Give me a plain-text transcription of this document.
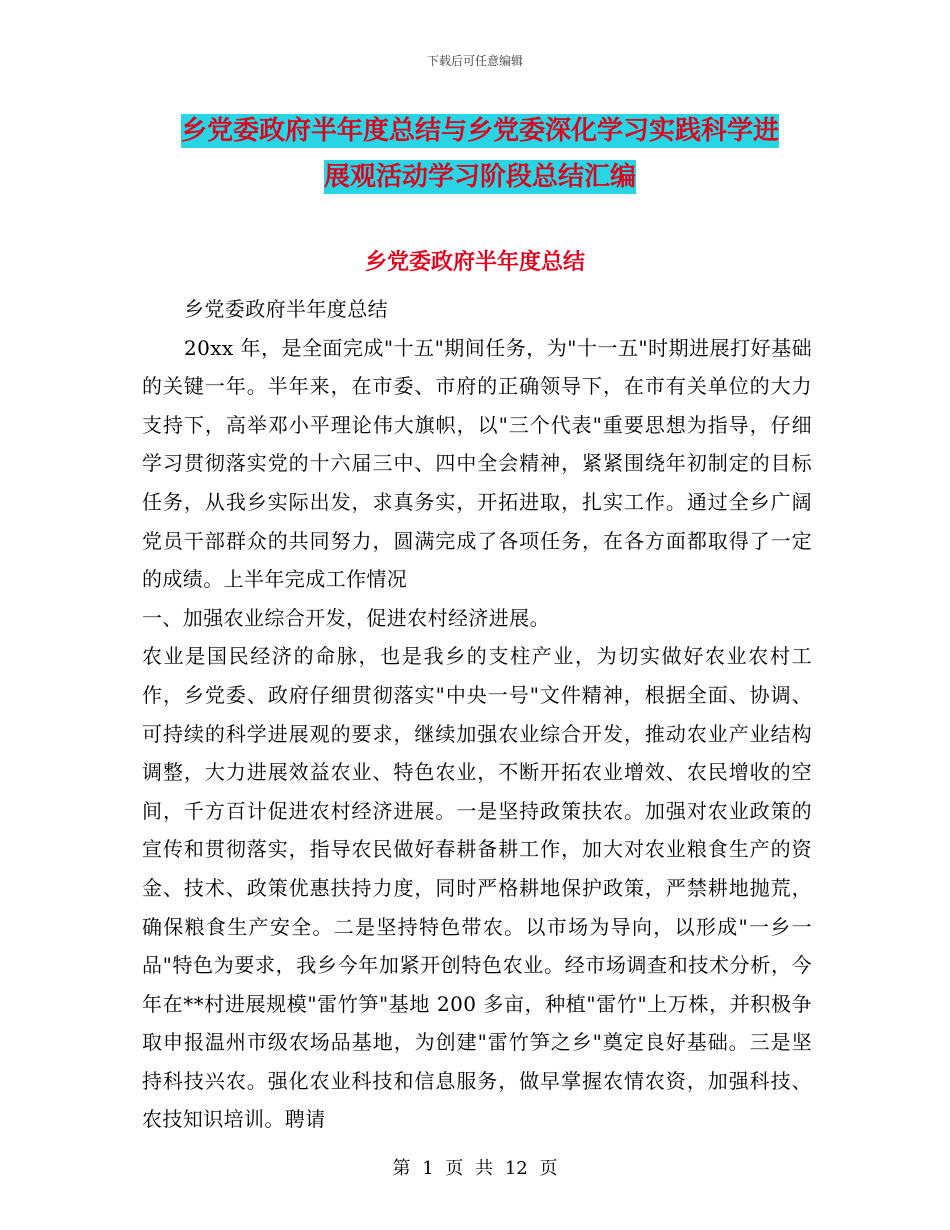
下载后可任意编辑
乡党委政府半年度总结与乡党委深化学习实践科学进
展观活动学习阶段总结汇编
乡党委政府半年度总结

乡党委政府半年度总结

20xx 年，是全面完成"十五"期间任务，为"十一五"时期进展打好基础的关键一年。半年来，在市委、市府的正确领导下，在市有关单位的大力支持下，高举邓小平理论伟大旗帜，以"三个代表"重要思想为指导，仔细学习贯彻落实党的十六届三中、四中全会精神，紧紧围绕年初制定的目标任务，从我乡实际出发，求真务实，开拓进取，扎实工作。通过全乡广阔党员干部群众的共同努力，圆满完成了各项任务，在各方面都取得了一定的成绩。上半年完成工作情况

一、加强农业综合开发，促进农村经济进展。

农业是国民经济的命脉，也是我乡的支柱产业，为切实做好农业农村工作，乡党委、政府仔细贯彻落实"中央一号"文件精神，根据全面、协调、可持续的科学进展观的要求，继续加强农业综合开发，推动农业产业结构调整，大力进展效益农业、特色农业，不断开拓农业增效、农民增收的空间，千方百计促进农村经济进展。一是坚持政策扶农。加强对农业政策的宣传和贯彻落实，指导农民做好春耕备耕工作，加大对农业粮食生产的资金、技术、政策优惠扶持力度，同时严格耕地保护政策，严禁耕地抛荒，确保粮食生产安全。二是坚持特色带农。以市场为导向，以形成"一乡一品"特色为要求，我乡今年加紧开创特色农业。经市场调查和技术分析，今年在**村进展规模"雷竹笋"基地 200 多亩，种植"雷竹"上万株，并积极争取申报温州市级农场品基地，为创建"雷竹笋之乡"奠定良好基础。三是坚持科技兴农。强化农业科技和信息服务，做早掌握农情农资，加强科技、农技知识培训。聘请

第 1 页 共 12 页
